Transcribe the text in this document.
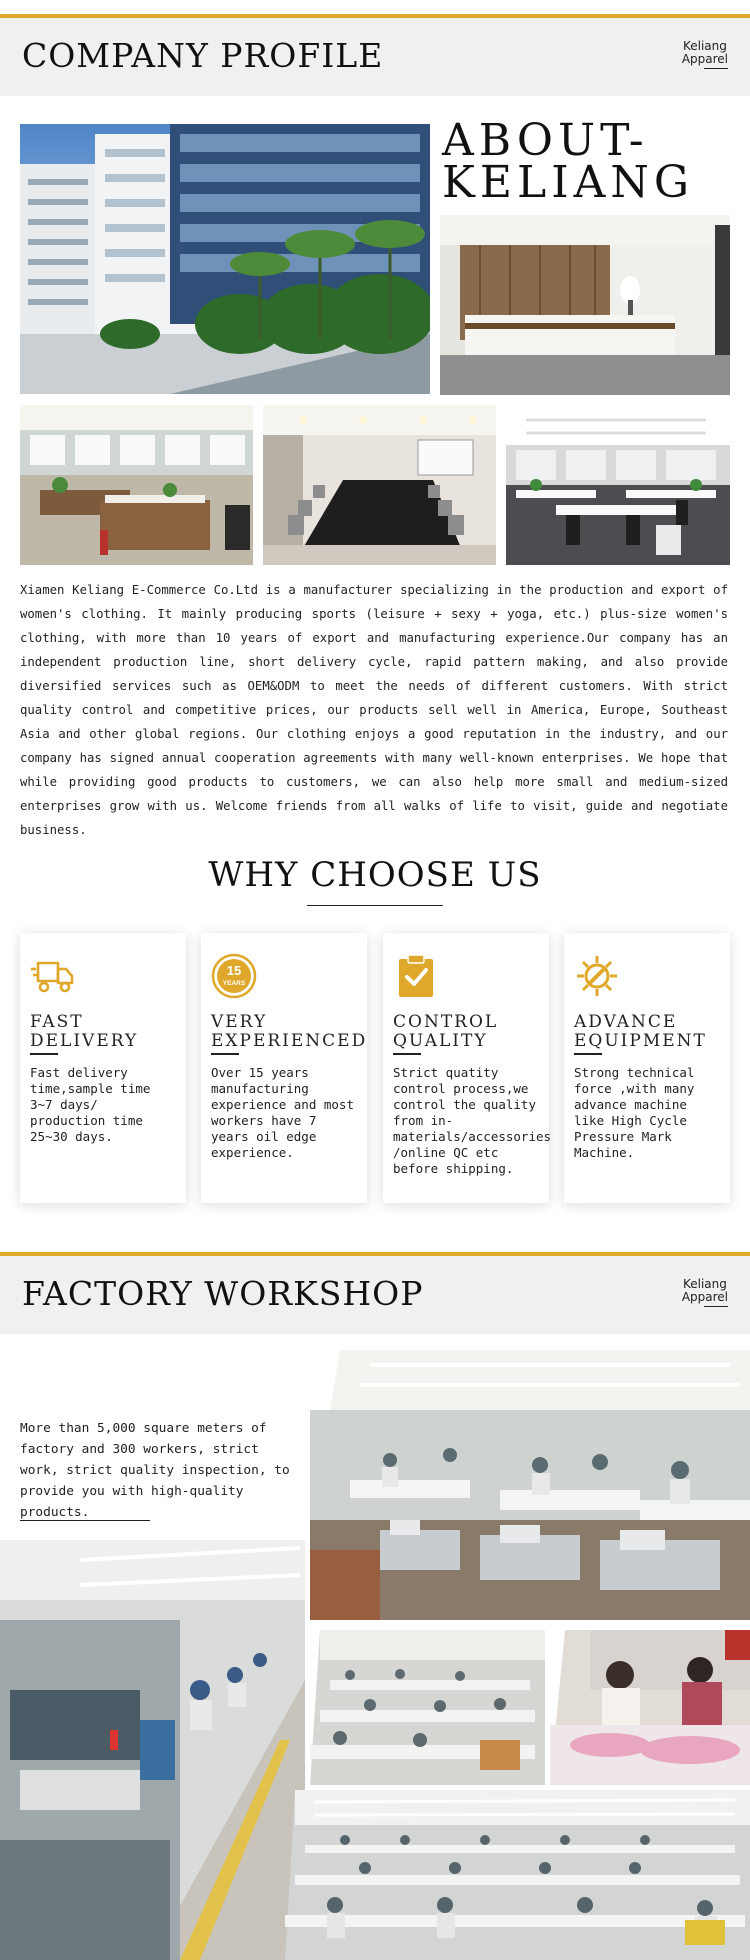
COMPANY PROFILE	Keliang
Apparel
ABOUT-
KELIANG
Xiamen Keliang E-Commerce Co.Ltd is a manufacturer specializing in the production and export of women's clothing. It mainly producing sports (leisure + sexy + yoga, etc.) plus-size women's clothing, with more than 10 years of export and manufacturing experience.Our company has an independent production line, short delivery cycle, rapid pattern making, and also provide diversified services such as OEM&ODM to meet the needs of different customers. With strict quality control and competitive prices, our products sell well in America, Europe, Southeast Asia and other global regions. Our clothing enjoys a good reputation in the industry, and our company has signed annual cooperation agreements with many well-known enterprises. We hope that while providing good products to customers, we can also help more small and medium-sized enterprises grow with us. Welcome friends from all walks of life to visit, guide and negotiate business.
WHY CHOOSE US
FAST DELIVERY
Fast delivery time,sample time 3~7 days/ production time 25~30 days.
15
YEARS
VERY EXPERIENCED
Over 15 years manufacturing experience and most workers have 7 years oil edge experience.
CONTROL QUALITY
Strict quatity control process,we control the quality from in-materials/accessories /online QC etc before shipping.
ADVANCE EQUIPMENT
Strong technical force ,with many advance machine like High Cycle Pressure Mark Machine.
FACTORY WORKSHOP	Keliang
Apparel
More than 5,000 square meters of factory and 300 workers, strict work, strict quality inspection, to provide you with high-quality products.
